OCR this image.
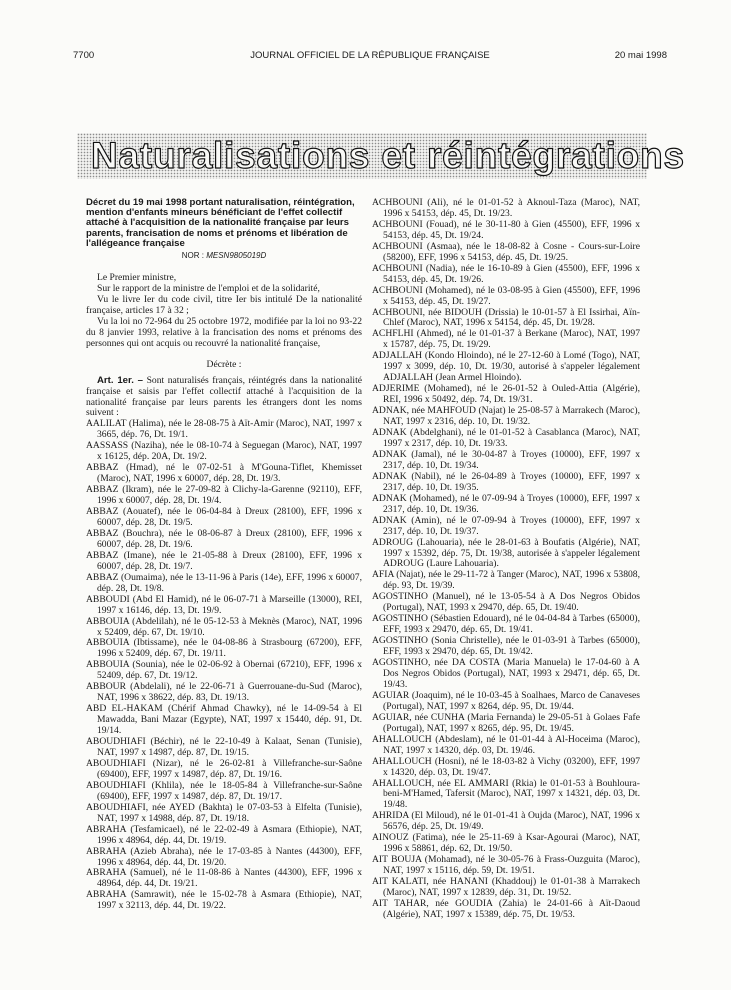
7700	JOURNAL OFFICIEL DE LA RÉPUBLIQUE FRANÇAISE	20 mai 1998
Naturalisations et réintégrations

Décret du 19 mai 1998 portant naturalisation, réintégration, mention d'enfants mineurs bénéficiant de l'effet collectif attaché à l'acquisition de la nationalité française par leurs parents, francisation de noms et prénoms et libération de l'allégeance française

NOR : MESN9805019D

Le Premier ministre,

Sur le rapport de la ministre de l'emploi et de la solidarité,

Vu le livre Ier du code civil, titre Ier bis intitulé De la nationalité française, articles 17 à 32 ;

Vu la loi no 72-964 du 25 octobre 1972, modifiée par la loi no 93-22 du 8 janvier 1993, relative à la francisation des noms et prénoms des personnes qui ont acquis ou recouvré la nationalité française,

Décrète :

Art. 1er. – Sont naturalisés français, réintégrés dans la nationalité française et saisis par l'effet collectif attaché à l'acquisition de la nationalité française par leurs parents les étrangers dont les noms suivent :

AALILAT (Halima), née le 28-08-75 à Aït-Amir (Maroc), NAT, 1997 x 3665, dép. 76, Dt. 19/1.

AASSASS (Naziha), née le 08-10-74 à Seguegan (Maroc), NAT, 1997 x 16125, dép. 20A, Dt. 19/2.

ABBAZ (Hmad), né le 07-02-51 à M'Gouna-Tiflet, Khemisset (Maroc), NAT, 1996 x 60007, dép. 28, Dt. 19/3.

ABBAZ (Ikram), née le 27-09-82 à Clichy-la-Garenne (92110), EFF, 1996 x 60007, dép. 28, Dt. 19/4.

ABBAZ (Aouatef), née le 06-04-84 à Dreux (28100), EFF, 1996 x 60007, dép. 28, Dt. 19/5.

ABBAZ (Bouchra), née le 08-06-87 à Dreux (28100), EFF, 1996 x 60007, dép. 28, Dt. 19/6.

ABBAZ (Imane), née le 21-05-88 à Dreux (28100), EFF, 1996 x 60007, dép. 28, Dt. 19/7.

ABBAZ (Oumaima), née le 13-11-96 à Paris (14e), EFF, 1996 x 60007, dép. 28, Dt. 19/8.

ABBOUDI (Abd El Hamid), né le 06-07-71 à Marseille (13000), REI, 1997 x 16146, dép. 13, Dt. 19/9.

ABBOUIA (Abdelilah), né le 05-12-53 à Meknès (Maroc), NAT, 1996 x 52409, dép. 67, Dt. 19/10.

ABBOUIA (Ibtissame), née le 04-08-86 à Strasbourg (67200), EFF, 1996 x 52409, dép. 67, Dt. 19/11.

ABBOUIA (Sounia), née le 02-06-92 à Obernai (67210), EFF, 1996 x 52409, dép. 67, Dt. 19/12.

ABBOUR (Abdelali), né le 22-06-71 à Guerrouane-du-Sud (Maroc), NAT, 1996 x 38622, dép. 83, Dt. 19/13.

ABD EL-HAKAM (Chérif Ahmad Chawky), né le 14-09-54 à El Mawadda, Bani Mazar (Egypte), NAT, 1997 x 15440, dép. 91, Dt. 19/14.

ABOUDHIAFI (Béchir), né le 22-10-49 à Kalaat, Senan (Tunisie), NAT, 1997 x 14987, dép. 87, Dt. 19/15.

ABOUDHIAFI (Nizar), né le 26-02-81 à Villefranche-sur-Saône (69400), EFF, 1997 x 14987, dép. 87, Dt. 19/16.

ABOUDHIAFI (Khlila), née le 18-05-84 à Villefranche-sur-Saône (69400), EFF, 1997 x 14987, dép. 87, Dt. 19/17.

ABOUDHIAFI, née AYED (Bakhta) le 07-03-53 à Elfelta (Tunisie), NAT, 1997 x 14988, dép. 87, Dt. 19/18.

ABRAHA (Tesfamicael), né le 22-02-49 à Asmara (Ethiopie), NAT, 1996 x 48964, dép. 44, Dt. 19/19.

ABRAHA (Azieb Abraha), née le 17-03-85 à Nantes (44300), EFF, 1996 x 48964, dép. 44, Dt. 19/20.

ABRAHA (Samuel), né le 11-08-86 à Nantes (44300), EFF, 1996 x 48964, dép. 44, Dt. 19/21.

ABRAHA (Samrawit), née le 15-02-78 à Asmara (Ethiopie), NAT, 1997 x 32113, dép. 44, Dt. 19/22.

ACHBOUNI (Ali), né le 01-01-52 à Aknoul-Taza (Maroc), NAT, 1996 x 54153, dép. 45, Dt. 19/23.

ACHBOUNI (Fouad), né le 30-11-80 à Gien (45500), EFF, 1996 x 54153, dép. 45, Dt. 19/24.

ACHBOUNI (Asmaa), née le 18-08-82 à Cosne - Cours-sur-Loire (58200), EFF, 1996 x 54153, dép. 45, Dt. 19/25.

ACHBOUNI (Nadia), née le 16-10-89 à Gien (45500), EFF, 1996 x 54153, dép. 45, Dt. 19/26.

ACHBOUNI (Mohamed), né le 03-08-95 à Gien (45500), EFF, 1996 x 54153, dép. 45, Dt. 19/27.

ACHBOUNI, née BIDOUH (Drissia) le 10-01-57 à El Issirhai, Aïn-Chlef (Maroc), NAT, 1996 x 54154, dép. 45, Dt. 19/28.

ACHFLHI (Ahmed), né le 01-01-37 à Berkane (Maroc), NAT, 1997 x 15787, dép. 75, Dt. 19/29.

ADJALLAH (Kondo Hloindo), né le 27-12-60 à Lomé (Togo), NAT, 1997 x 3099, dép. 10, Dt. 19/30, autorisé à s'appeler légalement ADJALLAH (Jean Armel Hloindo).

ADJERIME (Mohamed), né le 26-01-52 à Ouled-Attia (Algérie), REI, 1996 x 50492, dép. 74, Dt. 19/31.

ADNAK, née MAHFOUD (Najat) le 25-08-57 à Marrakech (Maroc), NAT, 1997 x 2316, dép. 10, Dt. 19/32.

ADNAK (Abdelghani), né le 01-01-52 à Casablanca (Maroc), NAT, 1997 x 2317, dép. 10, Dt. 19/33.

ADNAK (Jamal), né le 30-04-87 à Troyes (10000), EFF, 1997 x 2317, dép. 10, Dt. 19/34.

ADNAK (Nabil), né le 26-04-89 à Troyes (10000), EFF, 1997 x 2317, dép. 10, Dt. 19/35.

ADNAK (Mohamed), né le 07-09-94 à Troyes (10000), EFF, 1997 x 2317, dép. 10, Dt. 19/36.

ADNAK (Amin), né le 07-09-94 à Troyes (10000), EFF, 1997 x 2317, dép. 10, Dt. 19/37.

ADROUG (Lahouaria), née le 28-01-63 à Boufatis (Algérie), NAT, 1997 x 15392, dép. 75, Dt. 19/38, autorisée à s'appeler légalement ADROUG (Laure Lahouaria).

AFIA (Najat), née le 29-11-72 à Tanger (Maroc), NAT, 1996 x 53808, dép. 93, Dt. 19/39.

AGOSTINHO (Manuel), né le 13-05-54 à A Dos Negros Obidos (Portugal), NAT, 1993 x 29470, dép. 65, Dt. 19/40.

AGOSTINHO (Sébastien Edouard), né le 04-04-84 à Tarbes (65000), EFF, 1993 x 29470, dép. 65, Dt. 19/41.

AGOSTINHO (Sonia Christelle), née le 01-03-91 à Tarbes (65000), EFF, 1993 x 29470, dép. 65, Dt. 19/42.

AGOSTINHO, née DA COSTA (Maria Manuela) le 17-04-60 à A Dos Negros Obidos (Portugal), NAT, 1993 x 29471, dép. 65, Dt. 19/43.

AGUIAR (Joaquim), né le 10-03-45 à Soalhaes, Marco de Canaveses (Portugal), NAT, 1997 x 8264, dép. 95, Dt. 19/44.

AGUIAR, née CUNHA (Maria Fernanda) le 29-05-51 à Golaes Fafe (Portugal), NAT, 1997 x 8265, dép. 95, Dt. 19/45.

AHALLOUCH (Abdeslam), né le 01-01-44 à Al-Hoceima (Maroc), NAT, 1997 x 14320, dép. 03, Dt. 19/46.

AHALLOUCH (Hosni), né le 18-03-82 à Vichy (03200), EFF, 1997 x 14320, dép. 03, Dt. 19/47.

AHALLOUCH, née EL AMMARI (Rkia) le 01-01-53 à Bouhloura-beni-M'Hamed, Tafersit (Maroc), NAT, 1997 x 14321, dép. 03, Dt. 19/48.

AHRIDA (El Miloud), né le 01-01-41 à Oujda (Maroc), NAT, 1996 x 56576, dép. 25, Dt. 19/49.

AINOUZ (Fatima), née le 25-11-69 à Ksar-Agourai (Maroc), NAT, 1996 x 58861, dép. 62, Dt. 19/50.

AIT BOUJA (Mohamad), né le 30-05-76 à Frass-Ouzguita (Maroc), NAT, 1997 x 15116, dép. 59, Dt. 19/51.

AIT KALATI, née HANANI (Khaddouj) le 01-01-38 à Marrakech (Maroc), NAT, 1997 x 12839, dép. 31, Dt. 19/52.

AIT TAHAR, née GOUDIA (Zahia) le 24-01-66 à Aït-Daoud (Algérie), NAT, 1997 x 15389, dép. 75, Dt. 19/53.
